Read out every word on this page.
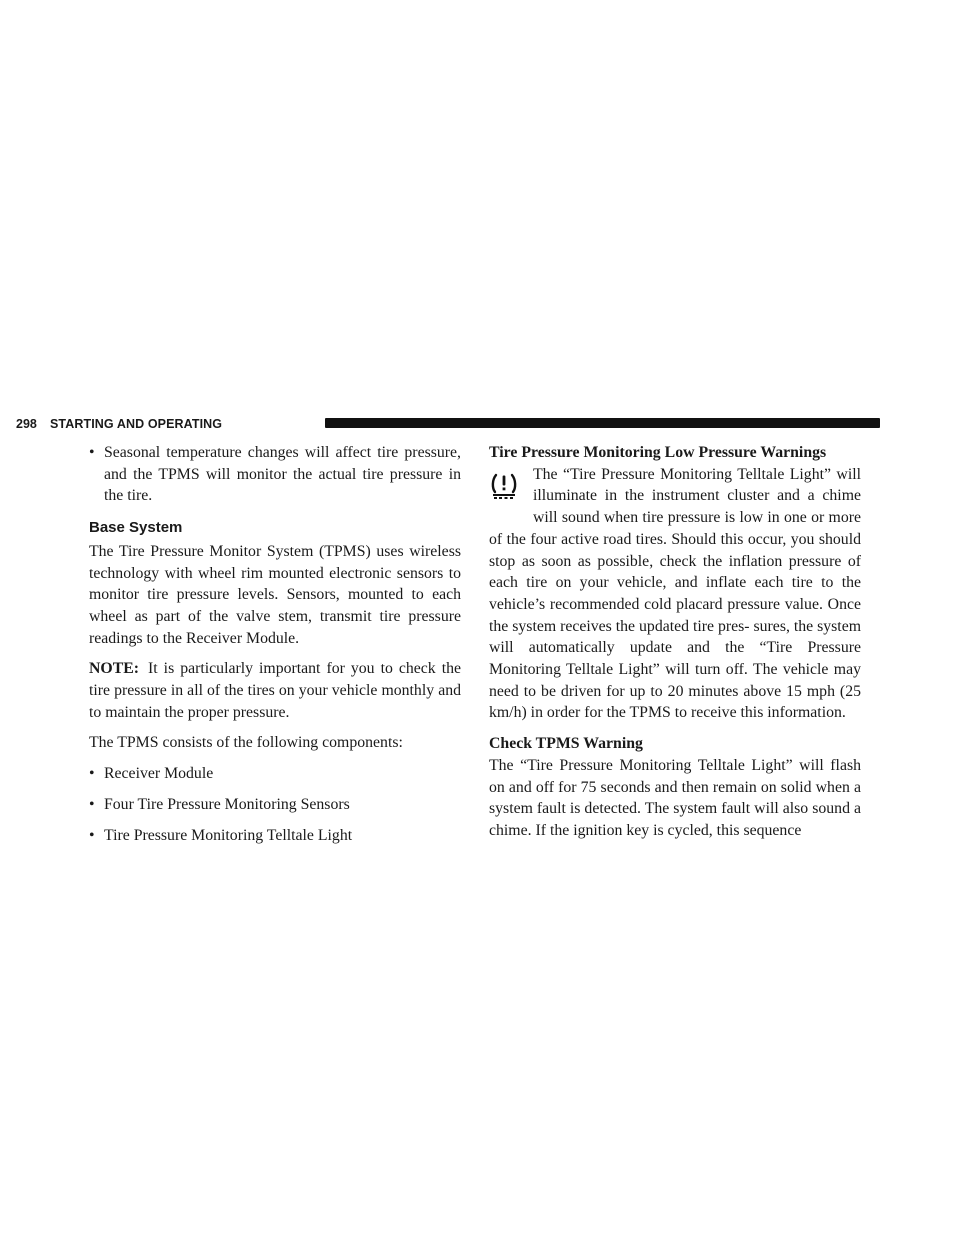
298 STARTING AND OPERATING

• Seasonal temperature changes will affect tire pressure, and the TPMS will monitor the actual tire pressure in the tire.

Base System

The Tire Pressure Monitor System (TPMS) uses wireless technology with wheel rim mounted electronic sensors to monitor tire pressure levels. Sensors, mounted to each wheel as part of the valve stem, transmit tire pressure readings to the Receiver Module.

NOTE: It is particularly important for you to check the tire pressure in all of the tires on your vehicle monthly and to maintain the proper pressure.

The TPMS consists of the following components:

• Receiver Module

• Four Tire Pressure Monitoring Sensors

• Tire Pressure Monitoring Telltale Light

Tire Pressure Monitoring Low Pressure Warnings

The “Tire Pressure Monitoring Telltale Light” will illuminate in the instrument cluster and a chime will sound when tire pressure is low in one or more of the four active road tires. Should this occur, you should stop as soon as possible, check the inflation pressure of each tire on your vehicle, and inflate each tire to the vehicle’s recommended cold placard pressure value. Once the system receives the updated tire pres- sures, the system will automatically update and the “Tire Pressure Monitoring Telltale Light” will turn off. The vehicle may need to be driven for up to 20 minutes above 15 mph (25 km/h) in order for the TPMS to receive this information.

Check TPMS Warning

The “Tire Pressure Monitoring Telltale Light” will flash on and off for 75 seconds and then remain on solid when a system fault is detected. The system fault will also sound a chime. If the ignition key is cycled, this sequence
